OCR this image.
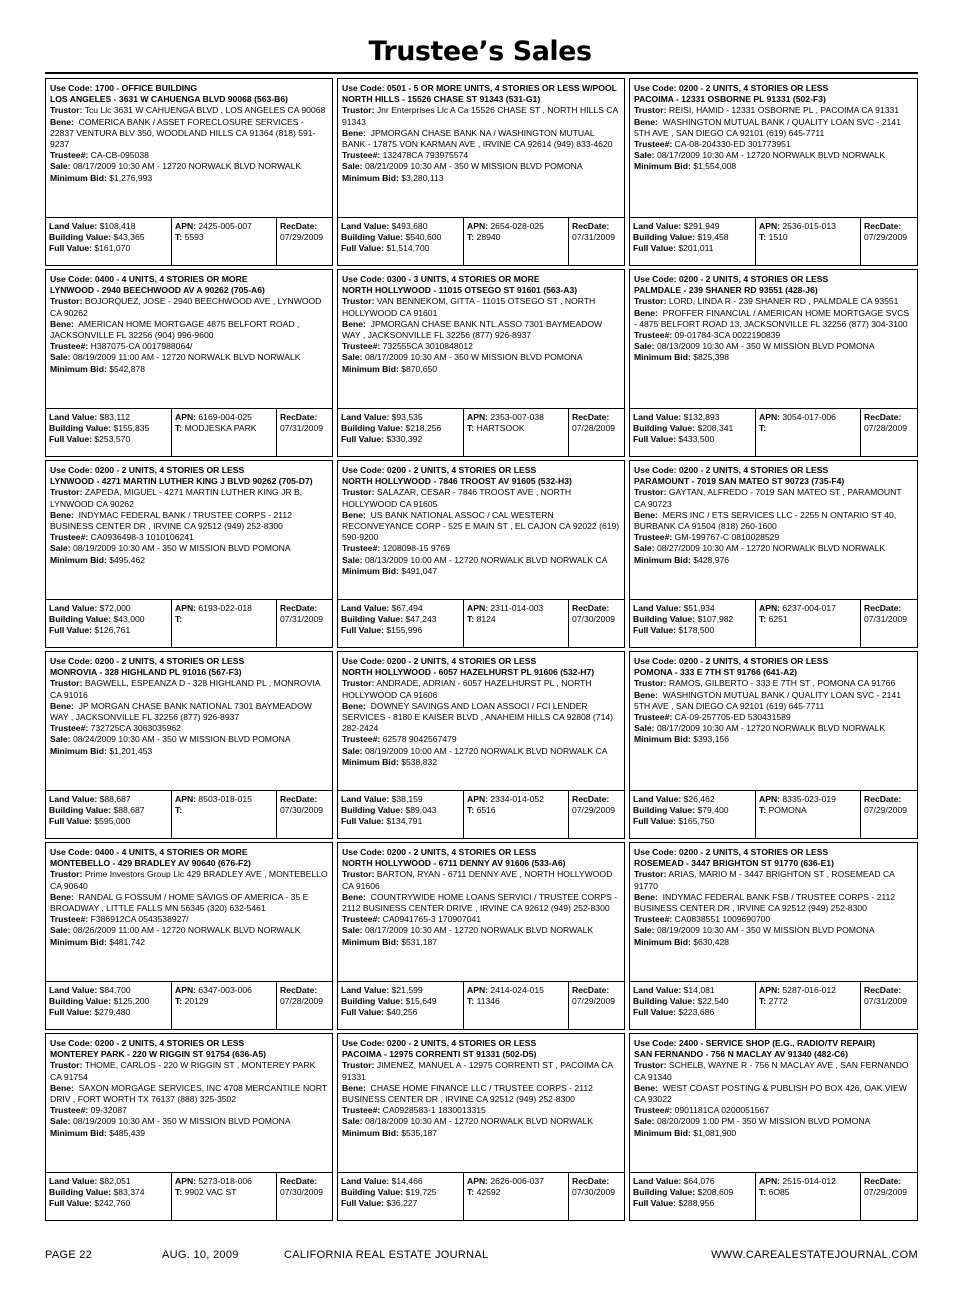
Trustee’s Sales
Use Code: 1700 - OFFICE BUILDING
LOS ANGELES - 3631 W CAHUENGA BLVD 90068 (563-B6)
Trustor: Tcu Llc 3631 W CAHUENGA BLVD , LOS ANGELES CA 90068
Bene: COMERICA BANK / ASSET FORECLOSURE SERVICES - 22837 VENTURA BLV 350, WOODLAND HILLS CA 91364 (818) 591-9237
Trustee#: CA-CB-095038
Sale: 08/17/2009 10:30 AM - 12720 NORWALK BLVD NORWALK
Minimum Bid: $1,276,993
Land Value: $108,418
Building Value: $43,365
Full Value: $161,070
APN: 2425-005-007
T: 5593
RecDate:
07/29/2009
Use Code: 0501 - 5 OR MORE UNITS, 4 STORIES OR LESS W/POOL
NORTH HILLS - 15526 CHASE ST 91343 (531-G1)
Trustor: Jnr Enterprises Llc A Ca 15526 CHASE ST , NORTH HILLS CA 91343
Bene: JPMORGAN CHASE BANK NA / WASHINGTON MUTUAL BANK - 17875 VON KARMAN AVE , IRVINE CA 92614 (949) 833-4620
Trustee#: 132478CA 793975574
Sale: 08/21/2009 10:30 AM - 350 W MISSION BLVD POMONA
Minimum Bid: $3,280,113
Land Value: $493,680
Building Value: $540,600
Full Value: $1,514,700
APN: 2654-028-025
T: 28940
RecDate:
07/31/2009
Use Code: 0200 - 2 UNITS, 4 STORIES OR LESS
PACOIMA - 12331 OSBORNE PL 91331 (502-F3)
Trustor: REISI, HAMID - 12331 OSBORNE PL , PACOIMA CA 91331
Bene: WASHINGTON MUTUAL BANK / QUALITY LOAN SVC - 2141 5TH AVE , SAN DIEGO CA 92101 (619) 645-7711
Trustee#: CA-08-204330-ED 301773951
Sale: 08/17/2009 10:30 AM - 12720 NORWALK BLVD NORWALK
Minimum Bid: $1,554,008
Land Value: $291,949
Building Value: $19,458
Full Value: $201,011
APN: 2536-015-013
T: 1510
RecDate:
07/29/2009
Use Code: 0400 - 4 UNITS, 4 STORIES OR MORE
LYNWOOD - 2940 BEECHWOOD AV A 90262 (705-A6)
Trustor: BOJORQUEZ, JOSE - 2940 BEECHWOOD AVE , LYNWOOD CA 90262
Bene: AMERICAN HOME MORTGAGE 4875 BELFORT ROAD , JACKSONVILLE FL 32256 (904) 996-9600
Trustee#: H387075-CA 0017988064/
Sale: 08/19/2009 11:00 AM - 12720 NORWALK BLVD NORWALK
Minimum Bid: $542,878
Land Value: $83,112
Building Value: $155,835
Full Value: $253,570
APN: 6169-004-025
T: MODJESKA PARK
RecDate:
07/31/2009
Use Code: 0300 - 3 UNITS, 4 STORIES OR MORE
NORTH HOLLYWOOD - 11015 OTSEGO ST 91601 (563-A3)
Trustor: VAN BENNEKOM, GITTA - 11015 OTSEGO ST , NORTH HOLLYWOOD CA 91601
Bene: JPMORGAN CHASE BANK NTL.ASSO 7301 BAYMEADOW WAY , JACKSONVILLE FL 32256 (877) 926-8937
Trustee#: 732555CA 3010848012
Sale: 08/17/2009 10:30 AM - 350 W MISSION BLVD POMONA
Minimum Bid: $870,650
Land Value: $93,535
Building Value: $218,256
Full Value: $330,392
APN: 2353-007-038
T: HARTSOOK
RecDate:
07/28/2009
Use Code: 0200 - 2 UNITS, 4 STORIES OR LESS
PALMDALE - 239 SHANER RD 93551 (428-J6)
Trustor: LORD, LINDA R - 239 SHANER RD , PALMDALE CA 93551
Bene: PROFFER FINANCIAL / AMERICAN HOME MORTGAGE SVCS - 4875 BELFORT ROAD 13, JACKSONVILLE FL 32256 (877) 304-3100
Trustee#: 09-01784-3CA 0022190839
Sale: 08/13/2009 10:30 AM - 350 W MISSION BLVD POMONA
Minimum Bid: $825,398
Land Value: $132,893
Building Value: $208,341
Full Value: $433,500
APN: 3054-017-006
T:
RecDate:
07/28/2009
Use Code: 0200 - 2 UNITS, 4 STORIES OR LESS
LYNWOOD - 4271 MARTIN LUTHER KING J BLVD 90262 (705-D7)
Trustor: ZAPEDA, MIGUEL - 4271 MARTIN LUTHER KING JR B, LYNWOOD CA 90262
Bene: INDYMAC FEDERAL BANK / TRUSTEE CORPS - 2112 BUSINESS CENTER DR , IRVINE CA 92512 (949) 252-8300
Trustee#: CA0936498-3 1010106241
Sale: 08/19/2009 10:30 AM - 350 W MISSION BLVD POMONA
Minimum Bid: $495,462
Land Value: $72,000
Building Value: $43,000
Full Value: $126,761
APN: 6193-022-018
T:
RecDate:
07/31/2009
Use Code: 0200 - 2 UNITS, 4 STORIES OR LESS
NORTH HOLLYWOOD - 7846 TROOST AV 91605 (532-H3)
Trustor: SALAZAR, CESAR - 7846 TROOST AVE , NORTH HOLLYWOOD CA 91605
Bene: US BANK NATIONAL ASSOC / CAL WESTERN RECONVEYANCE CORP - 525 E MAIN ST , EL CAJON CA 92022 (619) 590-9200
Trustee#: 1208098-15 9769
Sale: 08/13/2009 10:00 AM - 12720 NORWALK BLVD NORWALK CA
Minimum Bid: $491,047
Land Value: $67,494
Building Value: $47,243
Full Value: $155,996
APN: 2311-014-003
T: 8124
RecDate:
07/30/2009
Use Code: 0200 - 2 UNITS, 4 STORIES OR LESS
PARAMOUNT - 7019 SAN MATEO ST 90723 (735-F4)
Trustor: GAYTAN, ALFREDO - 7019 SAN MATEO ST , PARAMOUNT CA 90723
Bene: MERS INC / ETS SERVICES LLC - 2255 N ONTARIO ST 40, BURBANK CA 91504 (818) 260-1600
Trustee#: GM-199767-C 0810028529
Sale: 08/27/2009 10:30 AM - 12720 NORWALK BLVD NORWALK
Minimum Bid: $428,976
Land Value: $51,934
Building Value: $107,982
Full Value: $178,500
APN: 6237-004-017
T: 6251
RecDate:
07/31/2009
Use Code: 0200 - 2 UNITS, 4 STORIES OR LESS
MONROVIA - 328 HIGHLAND PL 91016 (567-F3)
Trustor: BAGWELL, ESPEANZA D - 328 HIGHLAND PL , MONROVIA CA 91016
Bene: JP MORGAN CHASE BANK NATIONAL 7301 BAYMEADOW WAY , JACKSONVILLE FL 32256 (877) 926-8937
Trustee#: 732725CA 3063035962
Sale: 08/24/2009 10:30 AM - 350 W MISSION BLVD POMONA
Minimum Bid: $1,201,453
Land Value: $88,687
Building Value: $88,687
Full Value: $595,000
APN: 8503-018-015
T:
RecDate:
07/30/2009
Use Code: 0200 - 2 UNITS, 4 STORIES OR LESS
NORTH HOLLYWOOD - 6057 HAZELHURST PL 91606 (532-H7)
Trustor: ANDRADE, ADRIAN - 6057 HAZELHURST PL , NORTH HOLLYWOOD CA 91606
Bene: DOWNEY SAVINGS AND LOAN ASSOCI / FCI LENDER SERVICES - 8180 E KAISER BLVD , ANAHEIM HILLS CA 92808 (714) 282-2424
Trustee#: 62578 9042567479
Sale: 08/19/2009 10:00 AM - 12720 NORWALK BLVD NORWALK CA
Minimum Bid: $538,832
Land Value: $38,159
Building Value: $89,043
Full Value: $134,791
APN: 2334-014-052
T: 6516
RecDate:
07/29/2009
Use Code: 0200 - 2 UNITS, 4 STORIES OR LESS
POMONA - 333 E 7TH ST 91766 (641-A2)
Trustor: RAMOS, GILBERTO - 333 E 7TH ST , POMONA CA 91766
Bene: WASHINGTON MUTUAL BANK / QUALITY LOAN SVC - 2141 5TH AVE , SAN DIEGO CA 92101 (619) 645-7711
Trustee#: CA-09-257705-ED 530431589
Sale: 08/17/2009 10:30 AM - 12720 NORWALK BLVD NORWALK
Minimum Bid: $393,156
Land Value: $26,462
Building Value: $79,400
Full Value: $165,750
APN: 8335-023-019
T: POMONA
RecDate:
07/29/2009
Use Code: 0400 - 4 UNITS, 4 STORIES OR MORE
MONTEBELLO - 429 BRADLEY AV 90640 (676-F2)
Trustor: Prime Investors Group Llc 429 BRADLEY AVE , MONTEBELLO CA 90640
Bene: RANDAL G FOSSUM / HOME SAVIGS OF AMERICA - 35 E BROADWAY , LITTLE FALLS MN 56345 (320) 632-5461
Trustee#: F386912CA 0543538927/
Sale: 08/26/2009 11:00 AM - 12720 NORWALK BLVD NORWALK
Minimum Bid: $481,742
Land Value: $84,700
Building Value: $125,200
Full Value: $279,480
APN: 6347-003-006
T: 20129
RecDate:
07/28/2009
Use Code: 0200 - 2 UNITS, 4 STORIES OR LESS
NORTH HOLLYWOOD - 6711 DENNY AV 91606 (533-A6)
Trustor: BARTON, RYAN - 6711 DENNY AVE , NORTH HOLLYWOOD CA 91606
Bene: COUNTRYWIDE HOME LOANS SERVICI / TRUSTEE CORPS - 2112 BUSINESS CENTER DRIVE , IRVINE CA 92612 (949) 252-8300
Trustee#: CA0941765-3 170907041
Sale: 08/17/2009 10:30 AM - 12720 NORWALK BLVD NORWALK
Minimum Bid: $531,187
Land Value: $21,599
Building Value: $15,649
Full Value: $40,256
APN: 2414-024-015
T: 11346
RecDate:
07/29/2009
Use Code: 0200 - 2 UNITS, 4 STORIES OR LESS
ROSEMEAD - 3447 BRIGHTON ST 91770 (636-E1)
Trustor: ARIAS, MARIO M - 3447 BRIGHTON ST , ROSEMEAD CA 91770
Bene: INDYMAC FEDERAL BANK FSB / TRUSTEE CORPS - 2112 BUSINESS CENTER DR , IRVINE CA 92512 (949) 252-8300
Trustee#: CA0838551 1009690700
Sale: 08/19/2009 10:30 AM - 350 W MISSION BLVD POMONA
Minimum Bid: $630,428
Land Value: $14,081
Building Value: $22,540
Full Value: $223,686
APN: 5287-016-012
T: 2772
RecDate:
07/31/2009
Use Code: 0200 - 2 UNITS, 4 STORIES OR LESS
MONTEREY PARK - 220 W RIGGIN ST 91754 (636-A5)
Trustor: THOME, CARLOS - 220 W RIGGIN ST , MONTEREY PARK CA 91754
Bene: SAXON MORGAGE SERVICES, INC 4708 MERCANTILE NORT DRIV , FORT WORTH TX 76137 (888) 325-3502
Trustee#: 09-32087
Sale: 08/19/2009 10:30 AM - 350 W MISSION BLVD POMONA
Minimum Bid: $485,439
Land Value: $82,051
Building Value: $83,374
Full Value: $242,760
APN: 5273-018-006
T: 9902 VAC ST
RecDate:
07/30/2009
Use Code: 0200 - 2 UNITS, 4 STORIES OR LESS
PACOIMA - 12975 CORRENTI ST 91331 (502-D5)
Trustor: JIMENEZ, MANUEL A - 12975 CORRENTI ST , PACOIMA CA 91331
Bene: CHASE HOME FINANCE LLC / TRUSTEE CORPS - 2112 BUSINESS CENTER DR , IRVINE CA 92512 (949) 252-8300
Trustee#: CA0928583-1 1830013315
Sale: 08/18/2009 10:30 AM - 12720 NORWALK BLVD NORWALK
Minimum Bid: $535,187
Land Value: $14,466
Building Value: $19,725
Full Value: $36,227
APN: 2626-006-037
T: 42592
RecDate:
07/30/2009
Use Code: 2400 - SERVICE SHOP (E.G., RADIO/TV REPAIR)
SAN FERNANDO - 756 N MACLAY AV 91340 (482-C6)
Trustor: SCHELB, WAYNE R - 756 N MACLAY AVE , SAN FERNANDO CA 91340
Bene: WEST COAST POSTING & PUBLISH PO BOX 426, OAK VIEW CA 93022
Trustee#: 0901181CA 0200051567
Sale: 08/20/2009 1:00 PM - 350 W MISSION BLVD POMONA
Minimum Bid: $1,081,900
Land Value: $64,076
Building Value: $208,609
Full Value: $288,956
APN: 2515-014-012
T: 6O85
RecDate:
07/29/2009
PAGE 22	AUG. 10, 2009	CALIFORNIA REAL ESTATE JOURNAL	WWW.CAREALESTATEJOURNAL.COM
